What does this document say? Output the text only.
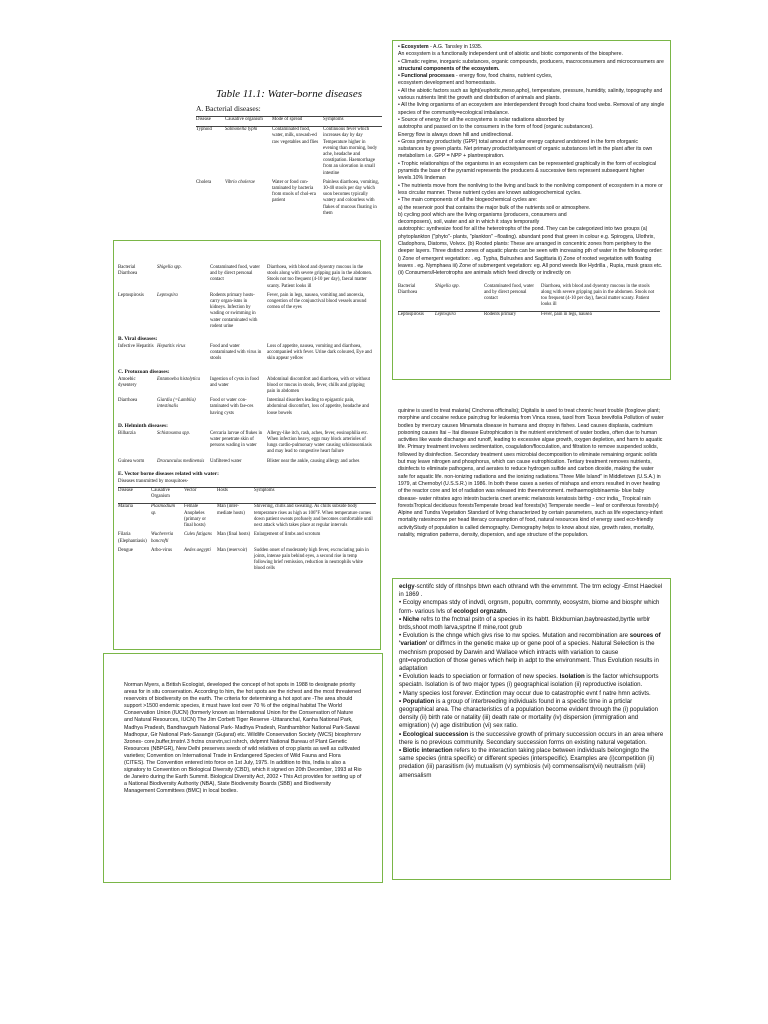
Table 11.1: Water-borne diseases
A. Bacterial diseases:
Disease	Causative organism	Mode of spread	Symptoms
Typhoid	Salmonella typhi	Contaminated food, water, milk, unwash-ed raw vegetables and flies	Continuous fever which increases day by day Temperature higher in evening than morning, body ache, headache and constipation. Haemorrhage from an ulceration in small intestine
Cholera	Vibrio cholerae	Water or food con-taminated by bacteria from stools of chol-era patient	Painless diarrhoea, vomiting, 10-40 stools per day which soon becomes typically watery and colourless with flakes of mucous floating in them
Bacterial Diarrhoea	Shigella spp.	Contaminated food, water and by direct personal contact	Diarrhoea, with blood and dysentry mucous in the stools along with severe gripping pain in the abdomen. Stools not too frequent (4-10 per day), faecal matter scanty. Patient looks ill
Leptospirosis	Leptospira	Rodents primary hosts-carry organ-isms in kidneys. Infection by wading or swimming in water contaminated with rodent urine	Fever, pain in legs, nausea, vomiting and anorexia, congestion of the conjunctival blood vessels around cornea of the eyes
B. Viral diseases:
Infective Hepatitis	Hepatitis virus	Food and water contaminated with virus in stools	Loss of appetite, nausea, vomiting and diarrhoea, accompanied with fever. Urine dark coloured, Eye and skin appear yellow
C. Protozoan diseases:
Amoebic dysentery	Entamoeba histolytica	Ingestion of cysts in food and water	Abdominal discomfort and diarrhoea, with or without blood or mucus in stools, fever, chills and gripping pain in abdomen
Diarrhoea	Giardia (=Lamblia) intestinalis	Food or water con-taminated with fae-ces having cysts	Intestinal disorders leading to epigastric pain, abdominal discomfort, loss of appetite, headache and loose bowels
D. Helminth diseases:
Bilharzia	Schistosoma spp.	Cercaria larvae of flukes in water penetrate skin of persons wading in water	Allergy-like itch, rash, aches, fever, eosinophilia etc. When infection heavy, eggs may block arterioles of lungs cardio-pulmonary water causing schistosomiasis and may lead to congestive heart failure
Guinea worm	Dracunculus medinensis	Unfiltered water	Blister near the ankle, causing allergy and aches
E. Vector borne diseases related with water:
Diseases transmitted by mosquitoes-
Disease	Causative Organism	Vector	Hosts	Symptoms
Malaria	Plasmodium sp.	Female Anopheles (primary or final hosts)	Man (inter-mediate hosts)	Shivering, chills and sweating. As chills subside body temperature rises as high as 106°F. When temperature comes down patient sweats profusely and becomes comfortable until next attack which takes place at regular intervals
Filaria (Elephantiasis)	Wuchereria bancrofti	Culex fatigans	Man (final hosts)	Enlargement of limbs and scrotum
Dengue	Arbo-virus	Aedes aegypti	Man (reservoir)	Sudden onset of moderately high fever, excruciating pain in joints, intense pain behind eyes, a second rise in temp following brief remission, reduction in neutrophils white blood cells
• Ecosystem - A.G. Tansley in 1935.
An ecosystem is a functionally independent unit of abiotic and biotic components of the biosphere.
• Climatic regime, inorganic substances, organic compounds, producers, macroconsumers and microconsumers are structural components of the ecosystem.
• Functional processes - energy flow, food chains, nutrient cycles,
ecosystem development and homeostasis.
• All the abiotic factors such as light(euphotic,meso,apho), temperature, pressure, humidity, salinity, topography and various nutrients limit the growth and distribution of animals and plants.
• All the living organisms of an ecosystem are interdependent through food chains food webs. Removal of any single species of the community=ecological imbalance.
• Source of energy for all the ecosystems is solar radiations absorbed by
autotrophs and passed on to the consumers in the form of food (organic substances).
Energy flow is always down hill and unidirectional.
• Gross primary productivity (GPP) total amount of solar energy captured andstored in the form oforganic substances by green plants. Net primary productivityamount of organic substances left in the plant after its own metabolism i.e. GPP = NPP + plantrespiration.
• Trophic relationships of the organisms in an ecosystem can be represented graphically in the form of ecological pyramids the base of the pyramid represents the producers & successive tiers represent subsequent higher levels.10% lindeman
• The nutrients move from the nonliving to the living and back to the nonliving component of ecosystem in a more or less circular manner. These nutrient cycles are known asbiogeochemical cycles.
• The main components of all the biogeochemical cycles are:
a) the reservoir pool that contains the major bulk of the nutrients soil or atmosphere.
b) cycling pool which are the living organisms (producers, consumers and
decomposers), soil, water and air in which it stays temporarily
autotrophic: synthesize food for all the heterotrophs of the pond. They can be categorized into two groups (a) phytoplankton ("phyto"- plants, "plankton" –floating). abundant pond that green in colour e.g. Spirogyra, Ulothrix, Cladophora, Diatoms, Volvox. (b) Rooted plants: These are arranged in concentric zones from periphery to the deeper layers. Three distinct zones of aquatic plants can be seen with increasing pth of water in the following order: i) Zone of emergent vegetation: . eg. Typha, Bulrushes and Sagittaria ii) Zone of rooted vegetation with floating leaves . eg. Nymphaea iii) Zone of submergent vegetation: eg. All pond weeds like Hydrilla , Rupia, musk grass etc. (ii) Consumers/Heterotrophs are animals which feed directly or indirectly on
Bacterial Diarrhoea	Shigella spp.	Contaminated food, water and by direct personal contact	Diarrhoea, with blood and dysentry mucous in the stools along with severe gripping pain in the abdomen. Stools not too frequent (4-10 per day), faecal matter scanty. Patient looks ill
Leptospirosis	Leptospira	Rodents primary	Fever, pain in legs, nausea

quinine is used to treat malaria( Cinchona officinalis); Digitalis is used to treat chronic heart trouble (foxglove plant; morphine and cocaine reduce pain;drug for leukemia from Vinca rosea, taxol from Taxus brevifolia Pollution of water bodies by mercury causes Minamata disease in humans and dropsy in fishes. Lead causes displasia, cadmium poisoning causes Itai – Itai disease Eutrophication is the nutrient enrichment of water bodies, often due to human activities like waste discharge and runoff, leading to excessive algae growth, oxygen depletion, and harm to aquatic life. Primary treatment involves sedimentation, coagulation/flocculation, and filtration to remove suspended solids, followed by disinfection. Secondary treatment uses microbial decomposition to eliminate remaining organic solids but may leave nitrogen and phosphorus, which can cause eutrophication. Tertiary treatment removes nutrients, disinfects to eliminate pathogens, and aerates to reduce hydrogen sulfide and carbon dioxide, making the water safe for aquatic life. non-ionizing radiations and the ionizing radiations.'Three Mile Island" in Middletown (U.S.A.) in 1979, at Chernobyl (U.S.S.R.) in 1986. In both these cases a series of mishaps and errors resulted in over heating of the reactor core and lot of radiation was released into theenvironment. methaemoglobinaemia- blue baby disease- water nitrates agro intestn bacteria cnert anemic melanosis keratosis birthg - cncr india_ Tropical rain forestsTropical deciduous forestsTemperate broad leaf forests(iv) Temperate needle – leaf or coniferous forests(v) Alpine and Tundra Vegetation Standard of living characterized by certain parameters, such as life expectancy-infant mortality ratesincome per head literacy consumption of food, natural resources kind of energy used eco-friendly activityStudy of population is called demography. Demography helps to know about size, growth rates, mortality, natality, migration patterns, density, dispersion, and age structure of the population.

eclgy-scntifc stdy of rltnshps btwn each othrand wth the envrnmnt. The trm eclogy -Ernst Haeckel in 1869 .

• Ecolgy encmpas stdy of indvdl, orgnsm, popultn, commnty, ecosystm, biome and biosphr which form- various lvls of ecologcl orgnzatn.

• Niche refrs to the fnctnal psitn of a species in its habtt. Blckburnian,baybreasted,byrtle wrblr brds,shoot moth larva,sprtne lf mine,root grub

• Evolution is the chnge which givs rise to nw spcies. Mutation and recombination are sources of 'variation' or diffrncs in the genetic make up or gene pool of a species. Natural Selection is the mechnism proposed by Darwin and Wallace which intracts with variation to cause gnt=reproduction of those genes which help in adpt to the environment. Thus Evolution results in adaptation

• Evolution leads to speciation or formation of new species. Isolation is the factor whichsupports speciatn. Isolation is of two major types (i) geographical isolation (ii) reproductive isolation.

• Many species lost forever. Extinction may occur due to catastrophic evnt f natre hmn activts.

• Population is a group of interbreeding individuals found in a specific time in a prticlar geographical area. The characteristics of a population become evident through the (i) population density (ii) birth rate or natality (iii) death rate or mortality (iv) dispersion (immigration and emigration) (v) age distribution (vi) sex ratio.

• Ecological succession is the successive growth of primary succession occurs in an area where there is no previous community. Secondary succession forms on existing natural vegetation.

• Biotic interaction refers to the interaction taking place between individuals belongingto the same species (intra specific) or different species (interspecific). Examples are (i)competition (ii) predation (iii) parasitism (iv) mutualism (v) symbiosis (vi) commensalism(vii) neutralism (viii) amensalism

Norman Myers, a British Ecologist, developed the concept of hot spots in 1988 to designate priority areas for in situ conservation. According to him, the hot spots are the richest and the most threatened reservoirs of biodiversity on the earth. The criteria for determining a hot spot are -The area should support >1500 endemic species, it must have lost over 70 % of the original habitat The World Conservation Union (IUCN) (formerly known as International Union for the Conservation of Nature and Natural Resources, IUCN) The Jim Corbett Tiger Reserve -Uttaranchal, Kanha National Park, Madhya Pradesh, Bandhavgarh National Park- Madhya Pradesh, Ranthambhor National Park-Sawai Madhopur, Gir National Park-Sasangir (Gujarat) etc. Wildlife Conservation Society (WCS) biosphrrsrv 3zones- core,buffer,trnstn\ 3 frctns cnsrvtn,sci rshrch, dvlpmnt National Bureau of Plant Genetic Resources (NBPGR), New Delhi preserves seeds of wild relatives of crop plants as well as cultivated varieties; Convention on International Trade in Endangered Species of Wild Fauna and Flora (CITES). The Convention entered into force on 1st July, 1975. In addition to this, India is also a signatory to Convention on Biological Diversity (CBD), which it signed on 20th December, 1993 at Rio de Janeiro during the Earth Summit. Biological Diversity Act, 2002 • This Act provides for setting up of a National Biodiversity Authority (NBA), State Biodiversity Boards (SBB) and Biodiversity Management Committees (BMC) in local bodies.
